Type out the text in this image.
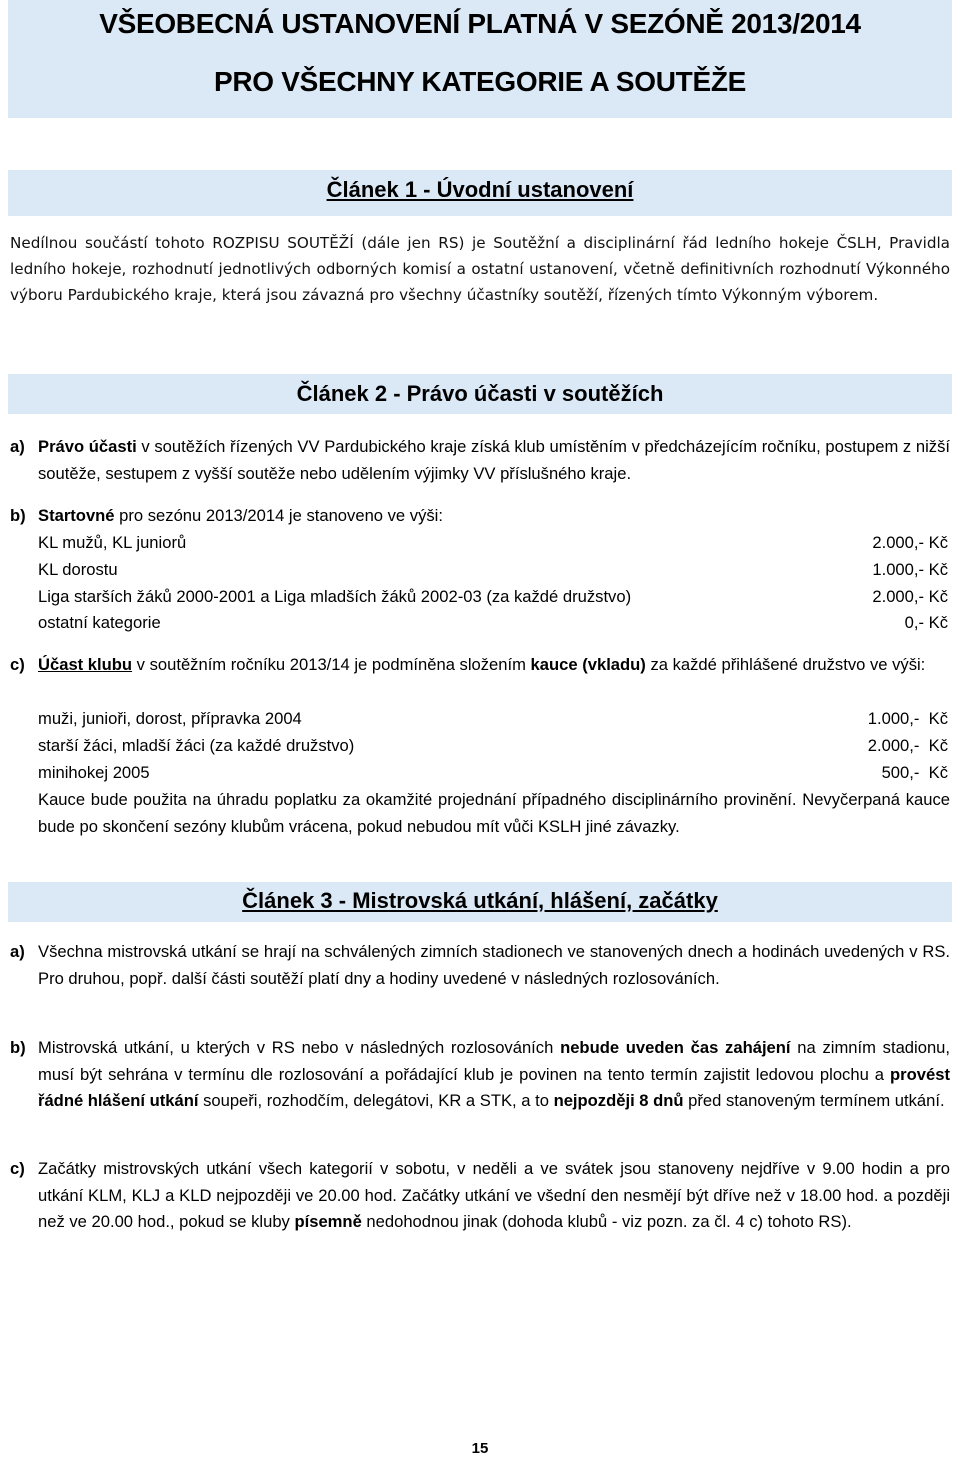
VŠEOBECNÁ USTANOVENÍ PLATNÁ V SEZÓNĚ 2013/2014
PRO VŠECHNY KATEGORIE A SOUTĚŽE
Článek 1 - Úvodní ustanovení
Nedílnou součástí tohoto ROZPISU SOUTĚŽÍ (dále jen RS) je Soutěžní a disciplinární řád ledního hokeje ČSLH, Pravidla ledního hokeje, rozhodnutí jednotlivých odborných komisí a ostatní ustanovení, včetně definitivních rozhodnutí Výkonného výboru Pardubického kraje, která jsou závazná pro všechny účastníky soutěží, řízených tímto Výkonným výborem.
Článek 2 - Právo účasti v soutěžích
a) Právo účasti v soutěžích řízených VV Pardubického kraje získá klub umístěním v předcházejícím ročníku, postupem z nižší soutěže, sestupem z vyšší soutěže nebo udělením výjimky VV příslušného kraje.
b) Startovné pro sezónu 2013/2014 je stanoveno ve výši:
KL mužů, KL juniorů	2.000,- Kč
KL dorostu	1.000,- Kč
Liga starších žáků 2000-2001 a Liga mladších žáků 2002-03 (za každé družstvo)	2.000,- Kč
ostatní kategorie	0,- Kč
c) Účast klubu v soutěžním ročníku 2013/14 je podmíněna složením kauce (vkladu) za každé přihlášené družstvo ve výši:
muži, junioři, dorost, přípravka 2004	1.000,-  Kč
starší žáci, mladší žáci (za každé družstvo)	2.000,-  Kč
minihokej 2005	500,-  Kč
Kauce bude použita na úhradu poplatku za okamžité projednání případného disciplinárního provinění. Nevyčerpaná kauce bude po skončení sezóny klubům vrácena, pokud nebudou mít vůči KSLH jiné závazky.
Článek 3 - Mistrovská utkání, hlášení, začátky
a) Všechna mistrovská utkání se hrají na schválených zimních stadionech ve stanovených dnech a hodinách uvedených v RS. Pro druhou, popř. další části soutěží platí dny a hodiny uvedené v následných rozlosováních.
b) Mistrovská utkání, u kterých v RS nebo v následných rozlosováních nebude uveden čas zahájení na zimním stadionu, musí být sehrána v termínu dle rozlosování a pořádající klub je povinen na tento termín zajistit ledovou plochu a provést řádné hlášení utkání soupeři, rozhodčím, delegátovi, KR a STK, a to nejpozději 8 dnů před stanoveným termínem utkání.
c) Začátky mistrovských utkání všech kategorií v sobotu, v neděli a ve svátek jsou stanoveny nejdříve v 9.00 hodin a pro utkání KLM, KLJ a KLD nejpozději ve 20.00 hod. Začátky utkání ve všední den nesmějí být dříve než v 18.00 hod. a později než ve 20.00 hod., pokud se kluby písemně nedohodnou jinak (dohoda klubů - viz pozn. za čl. 4 c) tohoto RS).
15
